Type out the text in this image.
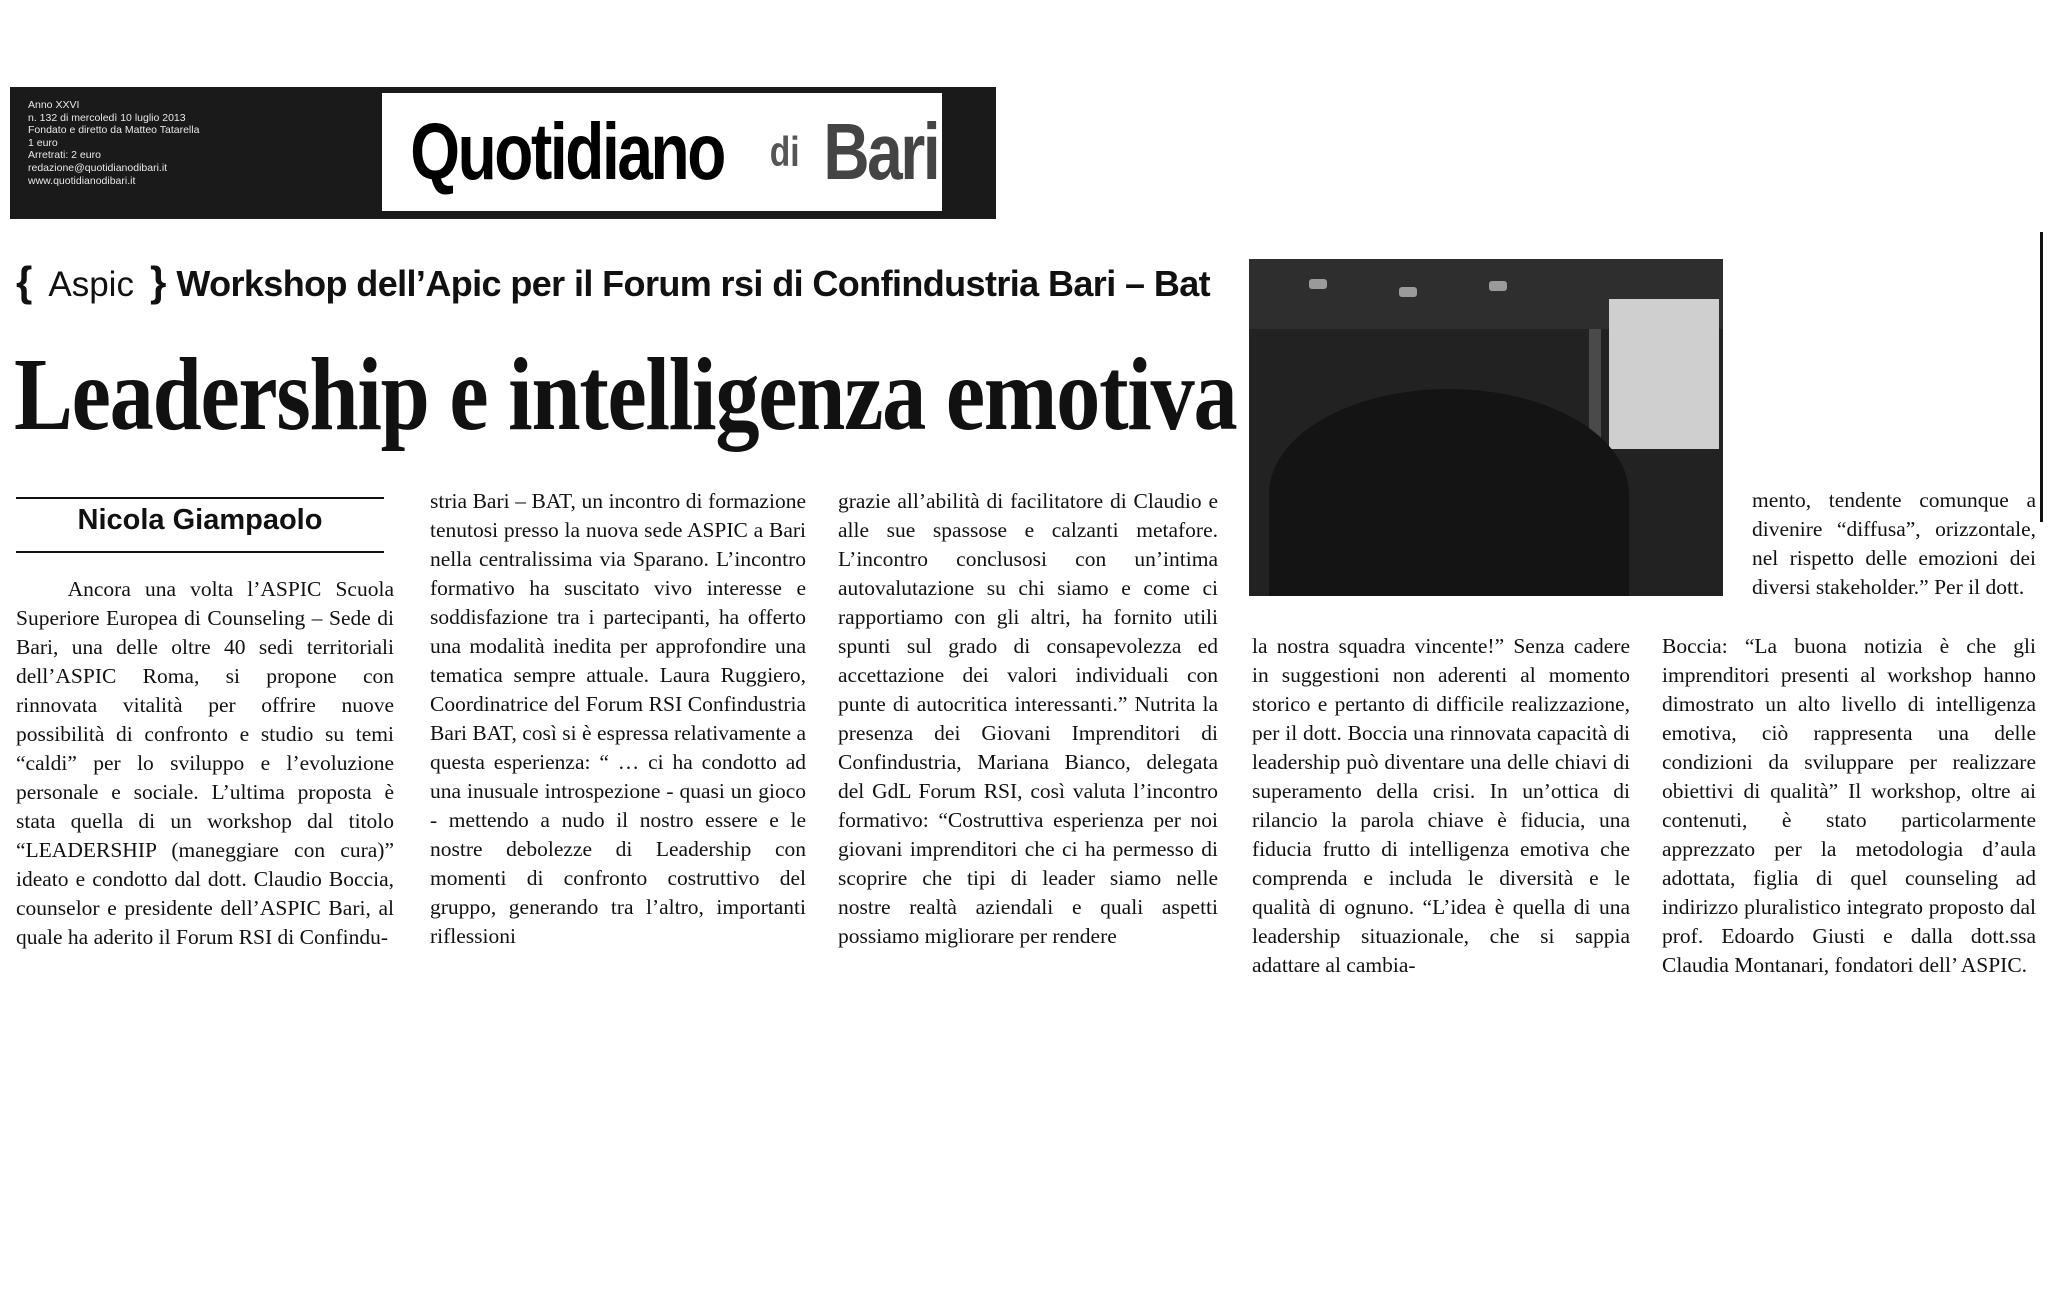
Anno XXVI
n. 132 di mercoledì 10 luglio 2013
Fondato e diretto da Matteo Tatarella
1 euro
Arretrati: 2 euro
redazione@quotidianodibari.it
www.quotidianodibari.it	Quotidiano di Bari
{ Aspic } Workshop dell’Apic per il Forum rsi di Confindustria Bari – Bat
Leadership e intelligenza emotiva
Nicola Giampaolo

Ancora una volta l’ASPIC Scuola Superiore Europea di Counseling – Sede di Bari, una delle oltre 40 sedi territoriali dell’ASPIC Roma, si propone con rinnovata vitalità per offrire nuove possibilità di confronto e studio su temi “caldi” per lo sviluppo e l’evoluzione personale e sociale. L’ultima proposta è stata quella di un workshop dal titolo “LEADERSHIP (maneggiare con cura)” ideato e condotto dal dott. Claudio Boccia, counselor e presidente dell’ASPIC Bari, al quale ha aderito il Forum RSI di Confindu-

stria Bari – BAT, un incontro di formazione tenutosi presso la nuova sede ASPIC a Bari nella centralissima via Sparano. L’incontro formativo ha suscitato vivo interesse e soddisfazione tra i partecipanti, ha offerto una modalità inedita per approfondire una tematica sempre attuale. Laura Ruggiero, Coordinatrice del Forum RSI Confindustria Bari BAT, così si è espressa relativamente a questa esperienza: “ … ci ha condotto ad una inusuale introspezione - quasi un gioco - mettendo a nudo il nostro essere e le nostre debolezze di Leadership con momenti di confronto costruttivo del gruppo, generando tra l’altro, importanti riflessioni

grazie all’abilità di facilitatore di Claudio e alle sue spassose e calzanti metafore. L’incontro conclusosi con un’intima autovalutazione su chi siamo e come ci rapportiamo con gli altri, ha fornito utili spunti sul grado di consapevolezza ed accettazione dei valori individuali con punte di autocritica interessanti.” Nutrita la presenza dei Giovani Imprenditori di Confindustria, Mariana Bianco, delegata del GdL Forum RSI, così valuta l’incontro formativo: “Costruttiva esperienza per noi giovani imprenditori che ci ha permesso di scoprire che tipi di leader siamo nelle nostre realtà aziendali e quali aspetti possiamo migliorare per rendere

la nostra squadra vincente!” Senza cadere in suggestioni non aderenti al momento storico e pertanto di difficile realizzazione, per il dott. Boccia una rinnovata capacità di leadership può diventare una delle chiavi di superamento della crisi. In un’ottica di rilancio la parola chiave è fiducia, una fiducia frutto di intelligenza emotiva che comprenda e includa le diversità e le qualità di ognuno. “L’idea è quella di una leadership situazionale, che si sappia adattare al cambia-

mento, tendente comunque a divenire “diffusa”, orizzontale, nel rispetto delle emozioni dei diversi stakeholder.” Per il dott.

Boccia: “La buona notizia è che gli imprenditori presenti al workshop hanno dimostrato un alto livello di intelligenza emotiva, ciò rappresenta una delle condizioni da sviluppare per realizzare obiettivi di qualità” Il workshop, oltre ai contenuti, è stato particolarmente apprezzato per la metodologia d’aula adottata, figlia di quel counseling ad indirizzo pluralistico integrato proposto dal prof. Edoardo Giusti e dalla dott.ssa Claudia Montanari, fondatori dell’ ASPIC.
